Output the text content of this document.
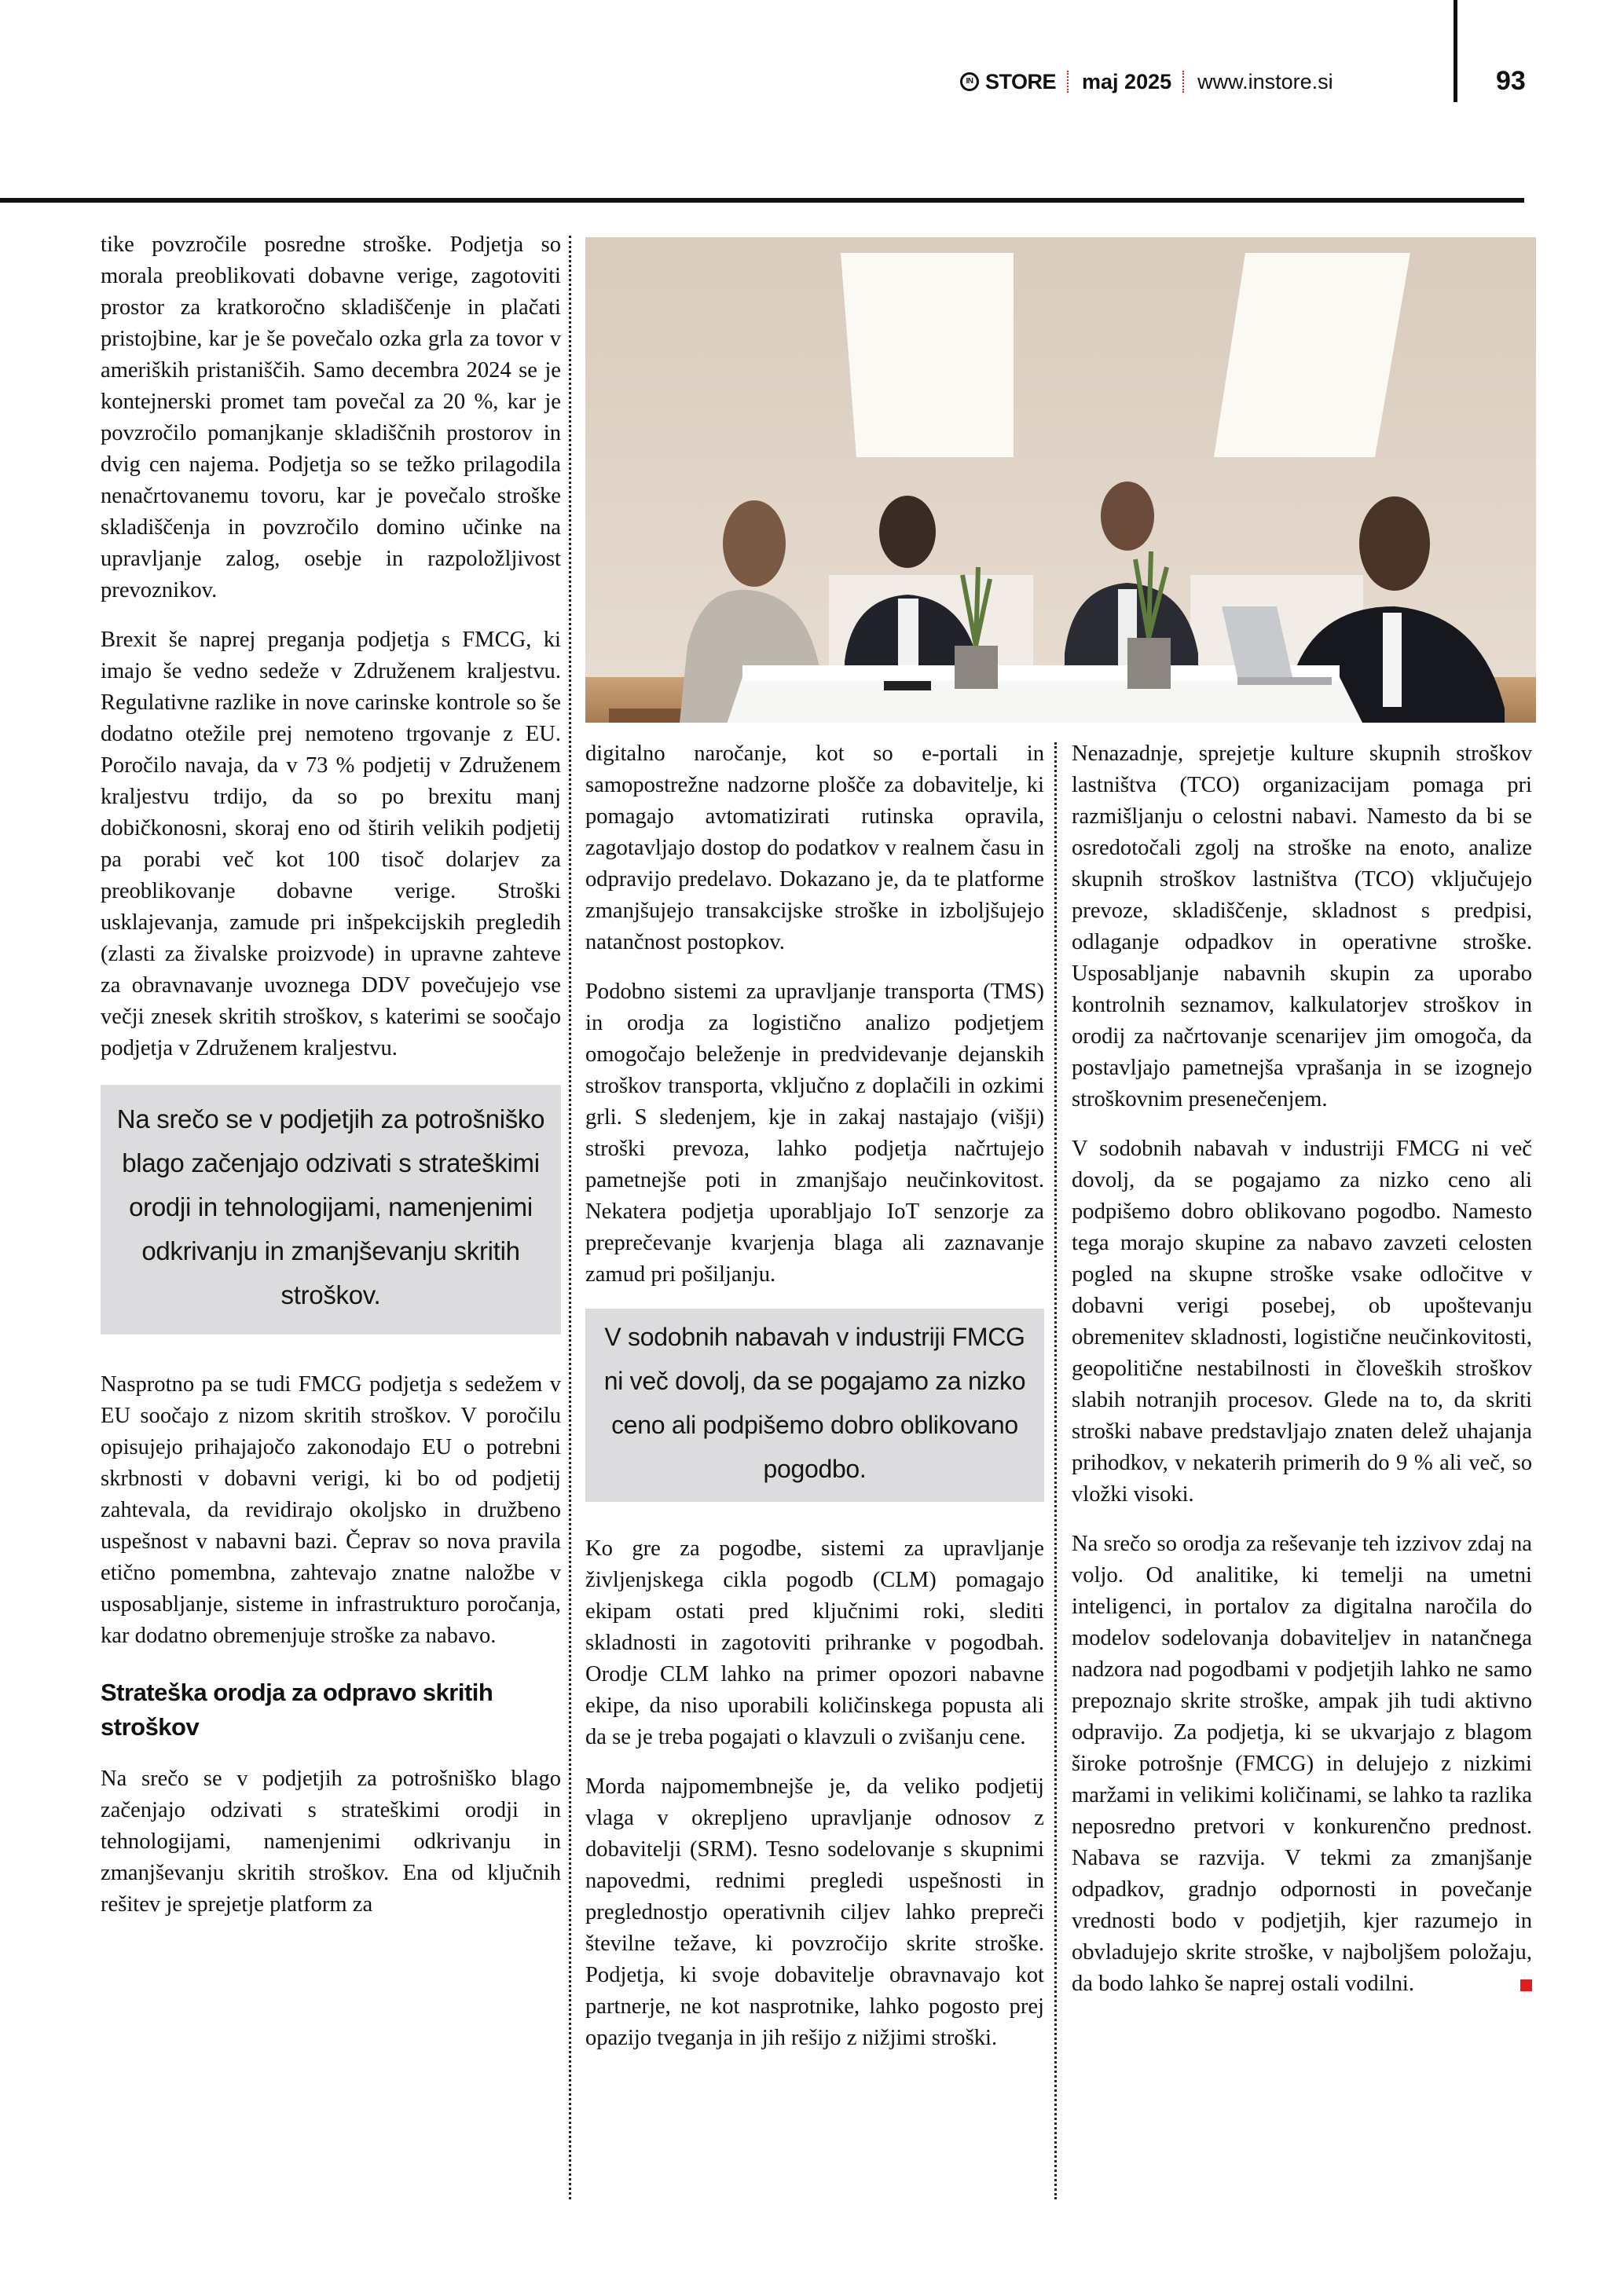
IN STORE maj 2025 www.instore.si	93

tike povzročile posredne stroške. Podjetja so morala preoblikovati dobavne verige, zagotoviti prostor za kratkoročno skladiščenje in plačati pristojbine, kar je še povečalo ozka grla za tovor v ameriških pristaniščih. Samo decembra 2024 se je kontejnerski promet tam povečal za 20 %, kar je povzročilo pomanjkanje skladiščnih prostorov in dvig cen najema. Podjetja so se težko prilagodila nenačrtovanemu tovoru, kar je povečalo stroške skladiščenja in povzročilo domino učinke na upravljanje zalog, osebje in razpoložljivost prevoznikov.

Brexit še naprej preganja podjetja s FMCG, ki imajo še vedno sedeže v Združenem kraljestvu. Regulativne razlike in nove carinske kontrole so še dodatno otežile prej nemoteno trgovanje z EU. Poročilo navaja, da v 73 % podjetij v Združenem kraljestvu trdijo, da so po brexitu manj dobičkonosni, skoraj eno od štirih velikih podjetij pa porabi več kot 100 tisoč dolarjev za preoblikovanje dobavne verige. Stroški usklajevanja, zamude pri inšpekcijskih pregledih (zlasti za živalske proizvode) in upravne zahteve za obravnavanje uvoznega DDV povečujejo vse večji znesek skritih stroškov, s katerimi se soočajo podjetja v Združenem kraljestvu.

Na srečo se v podjetjih za potrošniško blago začenjajo odzivati s strateškimi orodji in tehnologijami, namenjenimi odkrivanju in zmanjševanju skritih stroškov.

Nasprotno pa se tudi FMCG podjetja s sedežem v EU soočajo z nizom skritih stroškov. V poročilu opisujejo prihajajočo zakonodajo EU o potrebni skrbnosti v dobavni verigi, ki bo od podjetij zahtevala, da revidirajo okoljsko in družbeno uspešnost v nabavni bazi. Čeprav so nova pravila etično pomembna, zahtevajo znatne naložbe v usposabljanje, sisteme in infrastrukturo poročanja, kar dodatno obremenjuje stroške za nabavo.

Strateška orodja za odpravo skritih stroškov

Na srečo se v podjetjih za potrošniško blago začenjajo odzivati s strateškimi orodji in tehnologijami, namenjenimi odkrivanju in zmanjševanju skritih stroškov. Ena od ključnih rešitev je sprejetje platform za

digitalno naročanje, kot so e-portali in samopostrežne nadzorne plošče za dobavitelje, ki pomagajo avtomatizirati rutinska opravila, zagotavljajo dostop do podatkov v realnem času in odpravijo predelavo. Dokazano je, da te platforme zmanjšujejo transakcijske stroške in izboljšujejo natančnost postopkov.

Podobno sistemi za upravljanje transporta (TMS) in orodja za logistično analizo podjetjem omogočajo beleženje in predvidevanje dejanskih stroškov transporta, vključno z doplačili in ozkimi grli. S sledenjem, kje in zakaj nastajajo (višji) stroški prevoza, lahko podjetja načrtujejo pametnejše poti in zmanjšajo neučinkovitost. Nekatera podjetja uporabljajo IoT senzorje za preprečevanje kvarjenja blaga ali zaznavanje zamud pri pošiljanju.

V sodobnih nabavah v industriji FMCG ni več dovolj, da se pogajamo za nizko ceno ali podpišemo dobro oblikovano pogodbo.

Ko gre za pogodbe, sistemi za upravljanje življenjskega cikla pogodb (CLM) pomagajo ekipam ostati pred ključnimi roki, slediti skladnosti in zagotoviti prihranke v pogodbah. Orodje CLM lahko na primer opozori nabavne ekipe, da niso uporabili količinskega popusta ali da se je treba pogajati o klavzuli o zvišanju cene.

Morda najpomembnejše je, da veliko podjetij vlaga v okrepljeno upravljanje odnosov z dobavitelji (SRM). Tesno sodelovanje s skupnimi napovedmi, rednimi pregledi uspešnosti in preglednostjo operativnih ciljev lahko prepreči številne težave, ki povzročijo skrite stroške. Podjetja, ki svoje dobavitelje obravnavajo kot partnerje, ne kot nasprotnike, lahko pogosto prej opazijo tveganja in jih rešijo z nižjimi stroški.

Nenazadnje, sprejetje kulture skupnih stroškov lastništva (TCO) organizacijam pomaga pri razmišljanju o celostni nabavi. Namesto da bi se osredotočali zgolj na stroške na enoto, analize skupnih stroškov lastništva (TCO) vključujejo prevoze, skladiščenje, skladnost s predpisi, odlaganje odpadkov in operativne stroške. Usposabljanje nabavnih skupin za uporabo kontrolnih seznamov, kalkulatorjev stroškov in orodij za načrtovanje scenarijev jim omogoča, da postavljajo pametnejša vprašanja in se izognejo stroškovnim presenečenjem.

V sodobnih nabavah v industriji FMCG ni več dovolj, da se pogajamo za nizko ceno ali podpišemo dobro oblikovano pogodbo. Namesto tega morajo skupine za nabavo zavzeti celosten pogled na skupne stroške vsake odločitve v dobavni verigi posebej, ob upoštevanju obremenitev skladnosti, logistične neučinkovitosti, geopolitične nestabilnosti in človeških stroškov slabih notranjih procesov. Glede na to, da skriti stroški nabave predstavljajo znaten delež uhajanja prihodkov, v nekaterih primerih do 9 % ali več, so vložki visoki.

Na srečo so orodja za reševanje teh izzivov zdaj na voljo. Od analitike, ki temelji na umetni inteligenci, in portalov za digitalna naročila do modelov sodelovanja dobaviteljev in natančnega nadzora nad pogodbami v podjetjih lahko ne samo prepoznajo skrite stroške, ampak jih tudi aktivno odpravijo. Za podjetja, ki se ukvarjajo z blagom široke potrošnje (FMCG) in delujejo z nizkimi maržami in velikimi količinami, se lahko ta razlika neposredno pretvori v konkurenčno prednost. Nabava se razvija. V tekmi za zmanjšanje odpadkov, gradnjo odpornosti in povečanje vrednosti bodo v podjetjih, kjer razumejo in obvladujejo skrite stroške, v najboljšem položaju, da bodo lahko še naprej ostali vodilni.
